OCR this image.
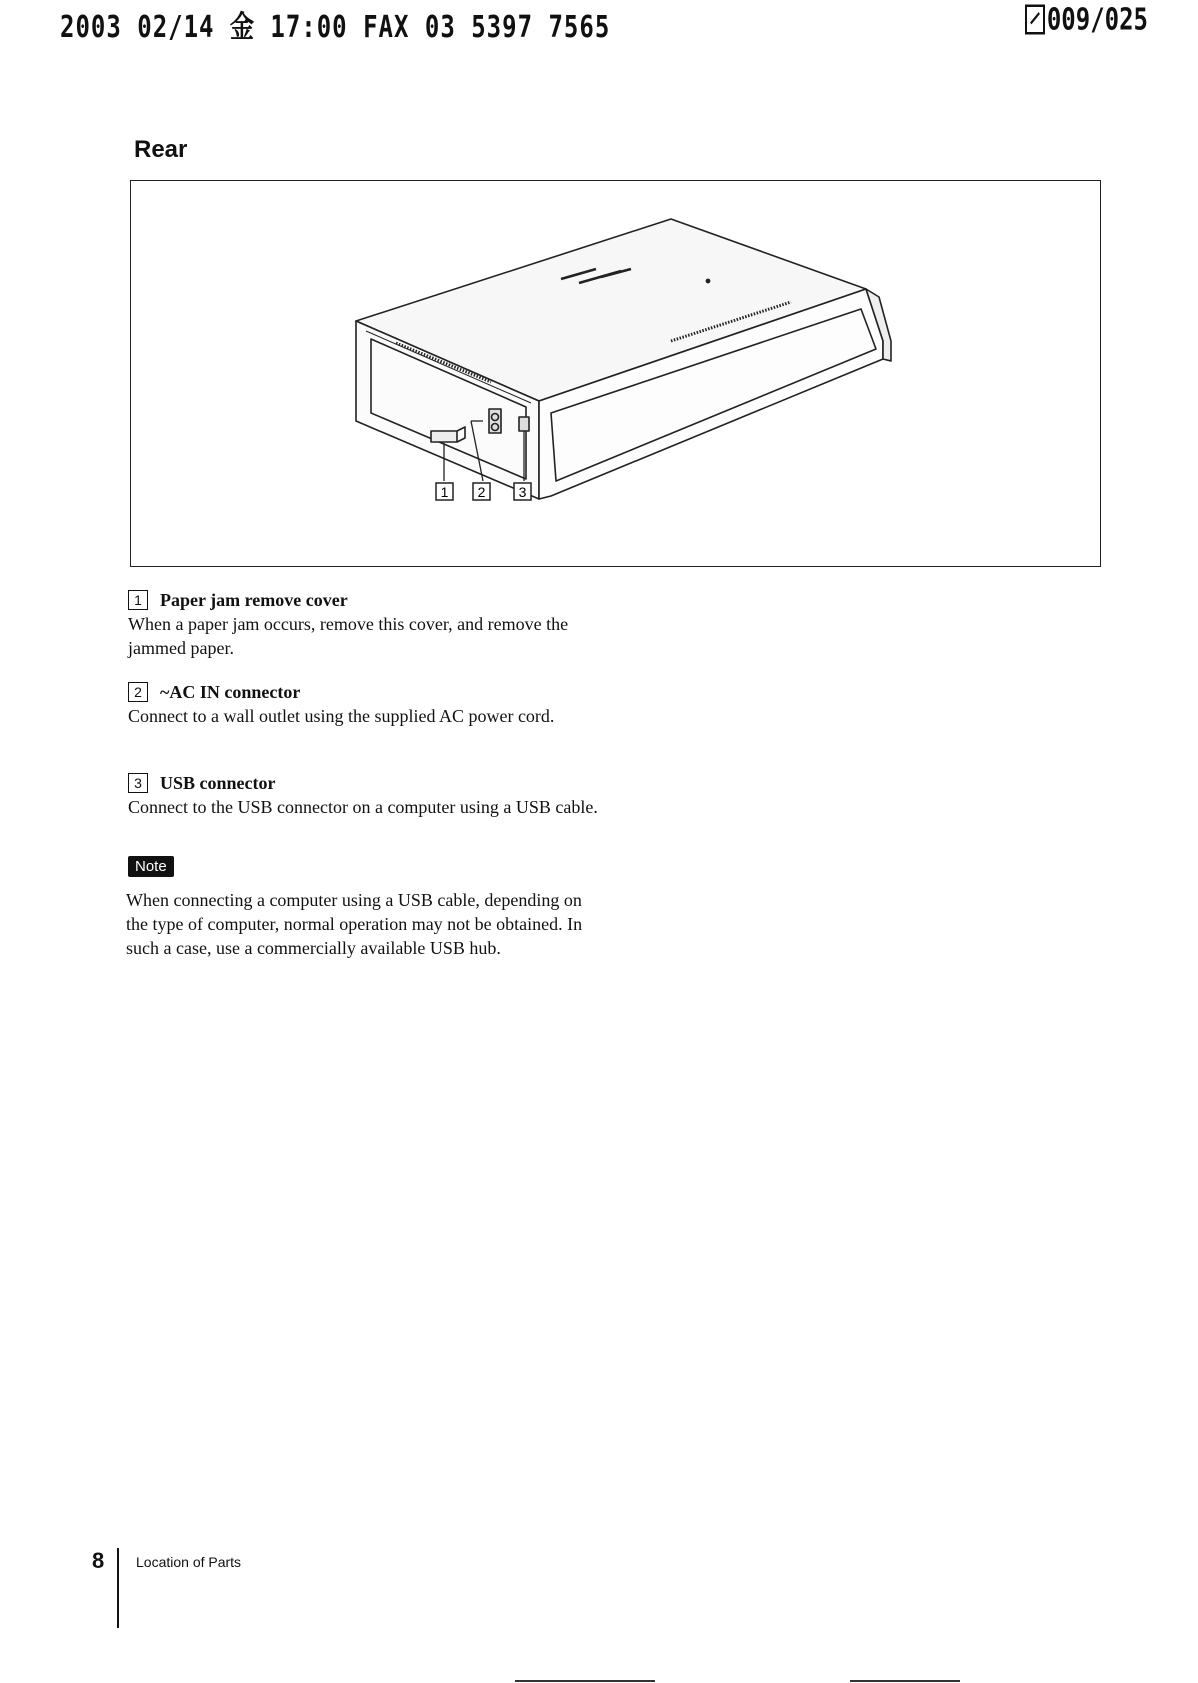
2003 02/14 金 17:00 FAX 03 5397 7565	009/025
Rear
1 2 3
1	Paper jam remove cover
When a paper jam occurs, remove this cover, and remove the jammed paper.
2	~AC IN connector
Connect to a wall outlet using the supplied AC power cord.
3	USB connector
Connect to the USB connector on a computer using a USB cable.
Note
When connecting a computer using a USB cable, depending on the type of computer, normal operation may not be obtained. In such a case, use a commercially available USB hub.
8 Location of Parts
